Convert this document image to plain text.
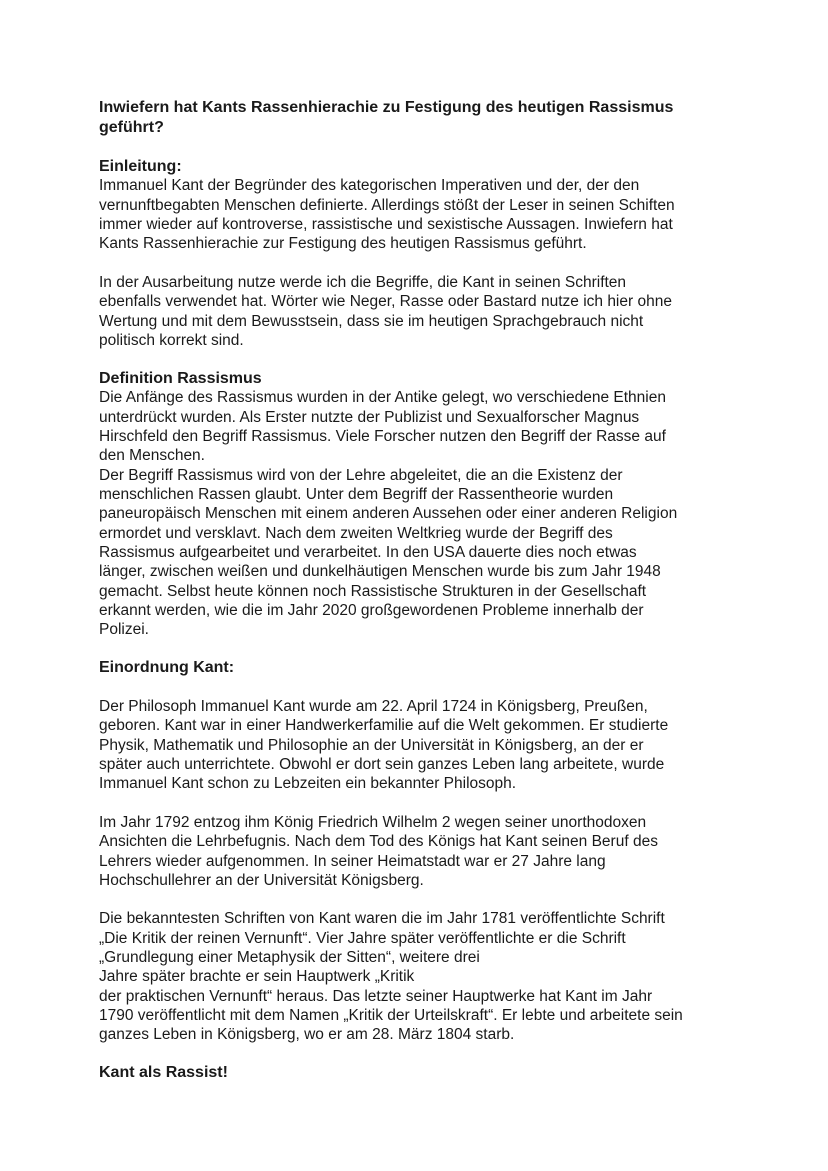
Inwiefern hat Kants Rassenhierachie zu Festigung des heutigen Rassismus
geführt?
Einleitung:
Immanuel Kant der Begründer des kategorischen Imperativen und der, der den
vernunftbegabten Menschen definierte. Allerdings stößt der Leser in seinen Schiften
immer wieder auf kontroverse, rassistische und sexistische Aussagen. Inwiefern hat
Kants Rassenhierachie zur Festigung des heutigen Rassismus geführt.
In der Ausarbeitung nutze werde ich die Begriffe, die Kant in seinen Schriften
ebenfalls verwendet hat. Wörter wie Neger, Rasse oder Bastard nutze ich hier ohne
Wertung und mit dem Bewusstsein, dass sie im heutigen Sprachgebrauch nicht
politisch korrekt sind.
Definition Rassismus
Die Anfänge des Rassismus wurden in der Antike gelegt, wo verschiedene Ethnien
unterdrückt wurden. Als Erster nutzte der Publizist und Sexualforscher Magnus
Hirschfeld den Begriff Rassismus. Viele Forscher nutzen den Begriff der Rasse auf
den Menschen.
Der Begriff Rassismus wird von der Lehre abgeleitet, die an die Existenz der
menschlichen Rassen glaubt. Unter dem Begriff der Rassentheorie wurden
paneuropäisch Menschen mit einem anderen Aussehen oder einer anderen Religion
ermordet und versklavt. Nach dem zweiten Weltkrieg wurde der Begriff des
Rassismus aufgearbeitet und verarbeitet. In den USA dauerte dies noch etwas
länger, zwischen weißen und dunkelhäutigen Menschen wurde bis zum Jahr 1948
gemacht. Selbst heute können noch Rassistische Strukturen in der Gesellschaft
erkannt werden, wie die im Jahr 2020 großgewordenen Probleme innerhalb der
Polizei.
Einordnung Kant:
Der Philosoph Immanuel Kant wurde am 22. April 1724 in Königsberg, Preußen,
geboren. Kant war in einer Handwerkerfamilie auf die Welt gekommen. Er studierte
Physik, Mathematik und Philosophie an der Universität in Königsberg, an der er
später auch unterrichtete. Obwohl er dort sein ganzes Leben lang arbeitete, wurde
Immanuel Kant schon zu Lebzeiten ein bekannter Philosoph.
Im Jahr 1792 entzog ihm König Friedrich Wilhelm 2 wegen seiner unorthodoxen
Ansichten die Lehrbefugnis. Nach dem Tod des Königs hat Kant seinen Beruf des
Lehrers wieder aufgenommen. In seiner Heimatstadt war er 27 Jahre lang
Hochschullehrer an der Universität Königsberg.
Die bekanntesten Schriften von Kant waren die im Jahr 1781 veröffentlichte Schrift
„Die Kritik der reinen Vernunft“. Vier Jahre später veröffentlichte er die Schrift
„Grundlegung einer Metaphysik der Sitten“, weitere drei
Jahre später brachte er sein Hauptwerk „Kritik
der praktischen Vernunft“ heraus. Das letzte seiner Hauptwerke hat Kant im Jahr
1790 veröffentlicht mit dem Namen „Kritik der Urteilskraft“. Er lebte und arbeitete sein
ganzes Leben in Königsberg, wo er am 28. März 1804 starb.
Kant als Rassist!
